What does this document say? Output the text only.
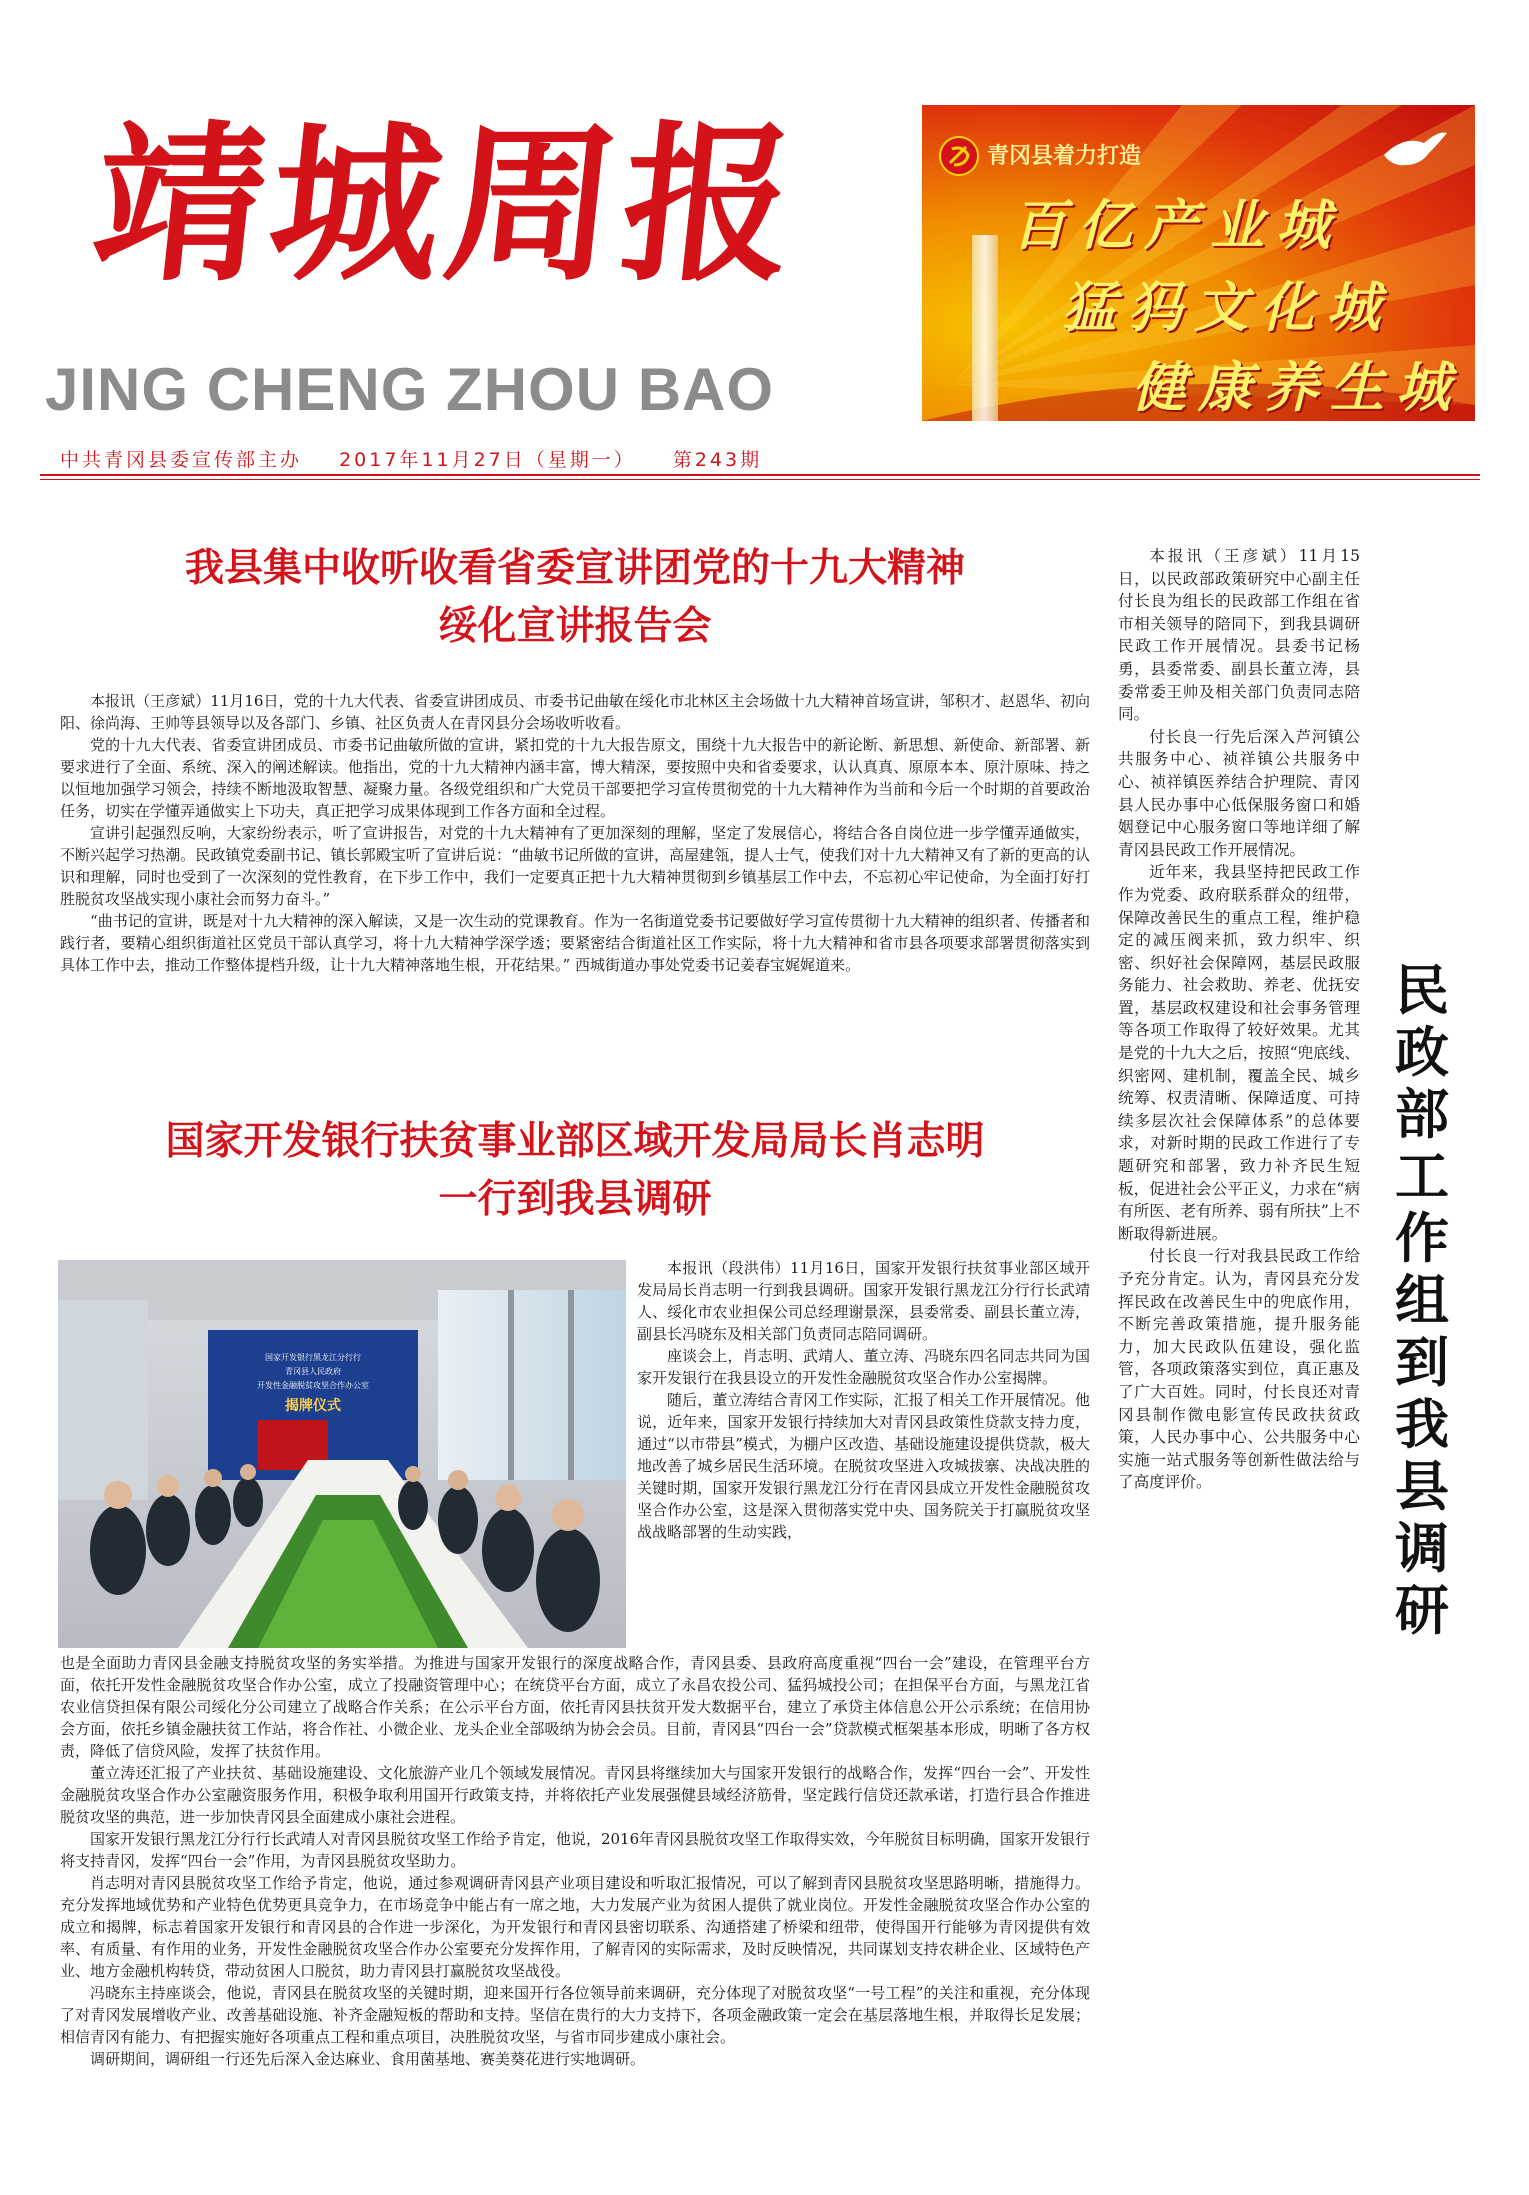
靖城周报
JING CHENG ZHOU BAO
中共青冈县委宣传部主办 2017年11月27日（星期一） 第243期
青冈县着力打造
百亿产业城
猛犸文化城
健康养生城
我县集中收听收看省委宣讲团党的十九大精神
绥化宣讲报告会

本报讯（王彦斌）11月16日，党的十九大代表、省委宣讲团成员、市委书记曲敏在绥化市北林区主会场做十九大精神首场宣讲，邹积才、赵恩华、初向阳、徐尚海、王帅等县领导以及各部门、乡镇、社区负责人在青冈县分会场收听收看。

党的十九大代表、省委宣讲团成员、市委书记曲敏所做的宣讲，紧扣党的十九大报告原文，围绕十九大报告中的新论断、新思想、新使命、新部署、新要求进行了全面、系统、深入的阐述解读。他指出，党的十九大精神内涵丰富，博大精深，要按照中央和省委要求，认认真真、原原本本、原汁原味、持之以恒地加强学习领会，持续不断地汲取智慧、凝聚力量。各级党组织和广大党员干部要把学习宣传贯彻党的十九大精神作为当前和今后一个时期的首要政治任务，切实在学懂弄通做实上下功夫，真正把学习成果体现到工作各方面和全过程。

宣讲引起强烈反响，大家纷纷表示，听了宣讲报告，对党的十九大精神有了更加深刻的理解，坚定了发展信心，将结合各自岗位进一步学懂弄通做实，不断兴起学习热潮。民政镇党委副书记、镇长郭殿宝听了宣讲后说：“曲敏书记所做的宣讲，高屋建瓴，提人士气，使我们对十九大精神又有了新的更高的认识和理解，同时也受到了一次深刻的党性教育，在下步工作中，我们一定要真正把十九大精神贯彻到乡镇基层工作中去，不忘初心牢记使命，为全面打好打胜脱贫攻坚战实现小康社会而努力奋斗。”

“曲书记的宣讲，既是对十九大精神的深入解读，又是一次生动的党课教育。作为一名街道党委书记要做好学习宣传贯彻十九大精神的组织者、传播者和践行者，要精心组织街道社区党员干部认真学习，将十九大精神学深学透；要紧密结合街道社区工作实际，将十九大精神和省市县各项要求部署贯彻落实到具体工作中去，推动工作整体提档升级，让十九大精神落地生根，开花结果。” 西城街道办事处党委书记姜春宝娓娓道来。

国家开发银行扶贫事业部区域开发局局长肖志明
一行到我县调研
国家开发银行黑龙江分行行
青冈县人民政府
开发性金融脱贫攻坚合作办公室
揭牌仪式

本报讯（段洪伟）11月16日，国家开发银行扶贫事业部区域开发局局长肖志明一行到我县调研。国家开发银行黑龙江分行行长武靖人、绥化市农业担保公司总经理谢景深，县委常委、副县长董立涛，副县长冯晓东及相关部门负责同志陪同调研。

座谈会上，肖志明、武靖人、董立涛、冯晓东四名同志共同为国家开发银行在我县设立的开发性金融脱贫攻坚合作办公室揭牌。

随后，董立涛结合青冈工作实际，汇报了相关工作开展情况。他说，近年来，国家开发银行持续加大对青冈县政策性贷款支持力度，通过“以市带县”模式，为棚户区改造、基础设施建设提供贷款，极大地改善了城乡居民生活环境。在脱贫攻坚进入攻城拔寨、决战决胜的关键时期，国家开发银行黑龙江分行在青冈县成立开发性金融脱贫攻坚合作办公室，这是深入贯彻落实党中央、国务院关于打赢脱贫攻坚战战略部署的生动实践，

也是全面助力青冈县金融支持脱贫攻坚的务实举措。为推进与国家开发银行的深度战略合作，青冈县委、县政府高度重视“四台一会”建设，在管理平台方面，依托开发性金融脱贫攻坚合作办公室，成立了投融资管理中心；在统贷平台方面，成立了永昌农投公司、猛犸城投公司；在担保平台方面，与黑龙江省农业信贷担保有限公司绥化分公司建立了战略合作关系；在公示平台方面，依托青冈县扶贫开发大数据平台，建立了承贷主体信息公开公示系统；在信用协会方面，依托乡镇金融扶贫工作站，将合作社、小微企业、龙头企业全部吸纳为协会会员。目前，青冈县“四台一会”贷款模式框架基本形成，明晰了各方权责，降低了信贷风险，发挥了扶贫作用。

董立涛还汇报了产业扶贫、基础设施建设、文化旅游产业几个领域发展情况。青冈县将继续加大与国家开发银行的战略合作，发挥“四台一会”、开发性金融脱贫攻坚合作办公室融资服务作用，积极争取利用国开行政策支持，并将依托产业发展强健县域经济筋骨，坚定践行信贷还款承诺，打造行县合作推进脱贫攻坚的典范，进一步加快青冈县全面建成小康社会进程。

国家开发银行黑龙江分行行长武靖人对青冈县脱贫攻坚工作给予肯定，他说，2016年青冈县脱贫攻坚工作取得实效，今年脱贫目标明确，国家开发银行将支持青冈，发挥“四台一会”作用，为青冈县脱贫攻坚助力。

肖志明对青冈县脱贫攻坚工作给予肯定，他说，通过参观调研青冈县产业项目建设和听取汇报情况，可以了解到青冈县脱贫攻坚思路明晰，措施得力。充分发挥地域优势和产业特色优势更具竞争力，在市场竞争中能占有一席之地，大力发展产业为贫困人提供了就业岗位。开发性金融脱贫攻坚合作办公室的成立和揭牌，标志着国家开发银行和青冈县的合作进一步深化，为开发银行和青冈县密切联系、沟通搭建了桥梁和纽带，使得国开行能够为青冈提供有效率、有质量、有作用的业务，开发性金融脱贫攻坚合作办公室要充分发挥作用，了解青冈的实际需求，及时反映情况，共同谋划支持农耕企业、区域特色产业、地方金融机构转贷，带动贫困人口脱贫，助力青冈县打赢脱贫攻坚战役。

冯晓东主持座谈会，他说，青冈县在脱贫攻坚的关键时期，迎来国开行各位领导前来调研，充分体现了对脱贫攻坚“一号工程”的关注和重视，充分体现了对青冈发展增收产业、改善基础设施、补齐金融短板的帮助和支持。坚信在贵行的大力支持下，各项金融政策一定会在基层落地生根，并取得长足发展；相信青冈有能力、有把握实施好各项重点工程和重点项目，决胜脱贫攻坚，与省市同步建成小康社会。

调研期间，调研组一行还先后深入金达麻业、食用菌基地、赛美葵花进行实地调研。

本报讯（王彦斌）11月15日，以民政部政策研究中心副主任付长良为组长的民政部工作组在省市相关领导的陪同下，到我县调研民政工作开展情况。县委书记杨勇，县委常委、副县长董立涛，县委常委王帅及相关部门负责同志陪同。

付长良一行先后深入芦河镇公共服务中心、祯祥镇公共服务中心、祯祥镇医养结合护理院、青冈县人民办事中心低保服务窗口和婚姻登记中心服务窗口等地详细了解青冈县民政工作开展情况。

近年来，我县坚持把民政工作作为党委、政府联系群众的纽带，保障改善民生的重点工程，维护稳定的减压阀来抓，致力织牢、织密、织好社会保障网，基层民政服务能力、社会救助、养老、优抚安置，基层政权建设和社会事务管理等各项工作取得了较好效果。尤其是党的十九大之后，按照“兜底线、织密网、建机制，覆盖全民、城乡统筹、权责清晰、保障适度、可持续多层次社会保障体系”的总体要求，对新时期的民政工作进行了专题研究和部署，致力补齐民生短板，促进社会公平正义，力求在“病有所医、老有所养、弱有所扶”上不断取得新进展。

付长良一行对我县民政工作给予充分肯定。认为，青冈县充分发挥民政在改善民生中的兜底作用，不断完善政策措施，提升服务能力，加大民政队伍建设，强化监管，各项政策落实到位，真正惠及了广大百姓。同时，付长良还对青冈县制作微电影宣传民政扶贫政策，人民办事中心、公共服务中心实施一站式服务等创新性做法给与了高度评价。

民政部工作组到我县调研
